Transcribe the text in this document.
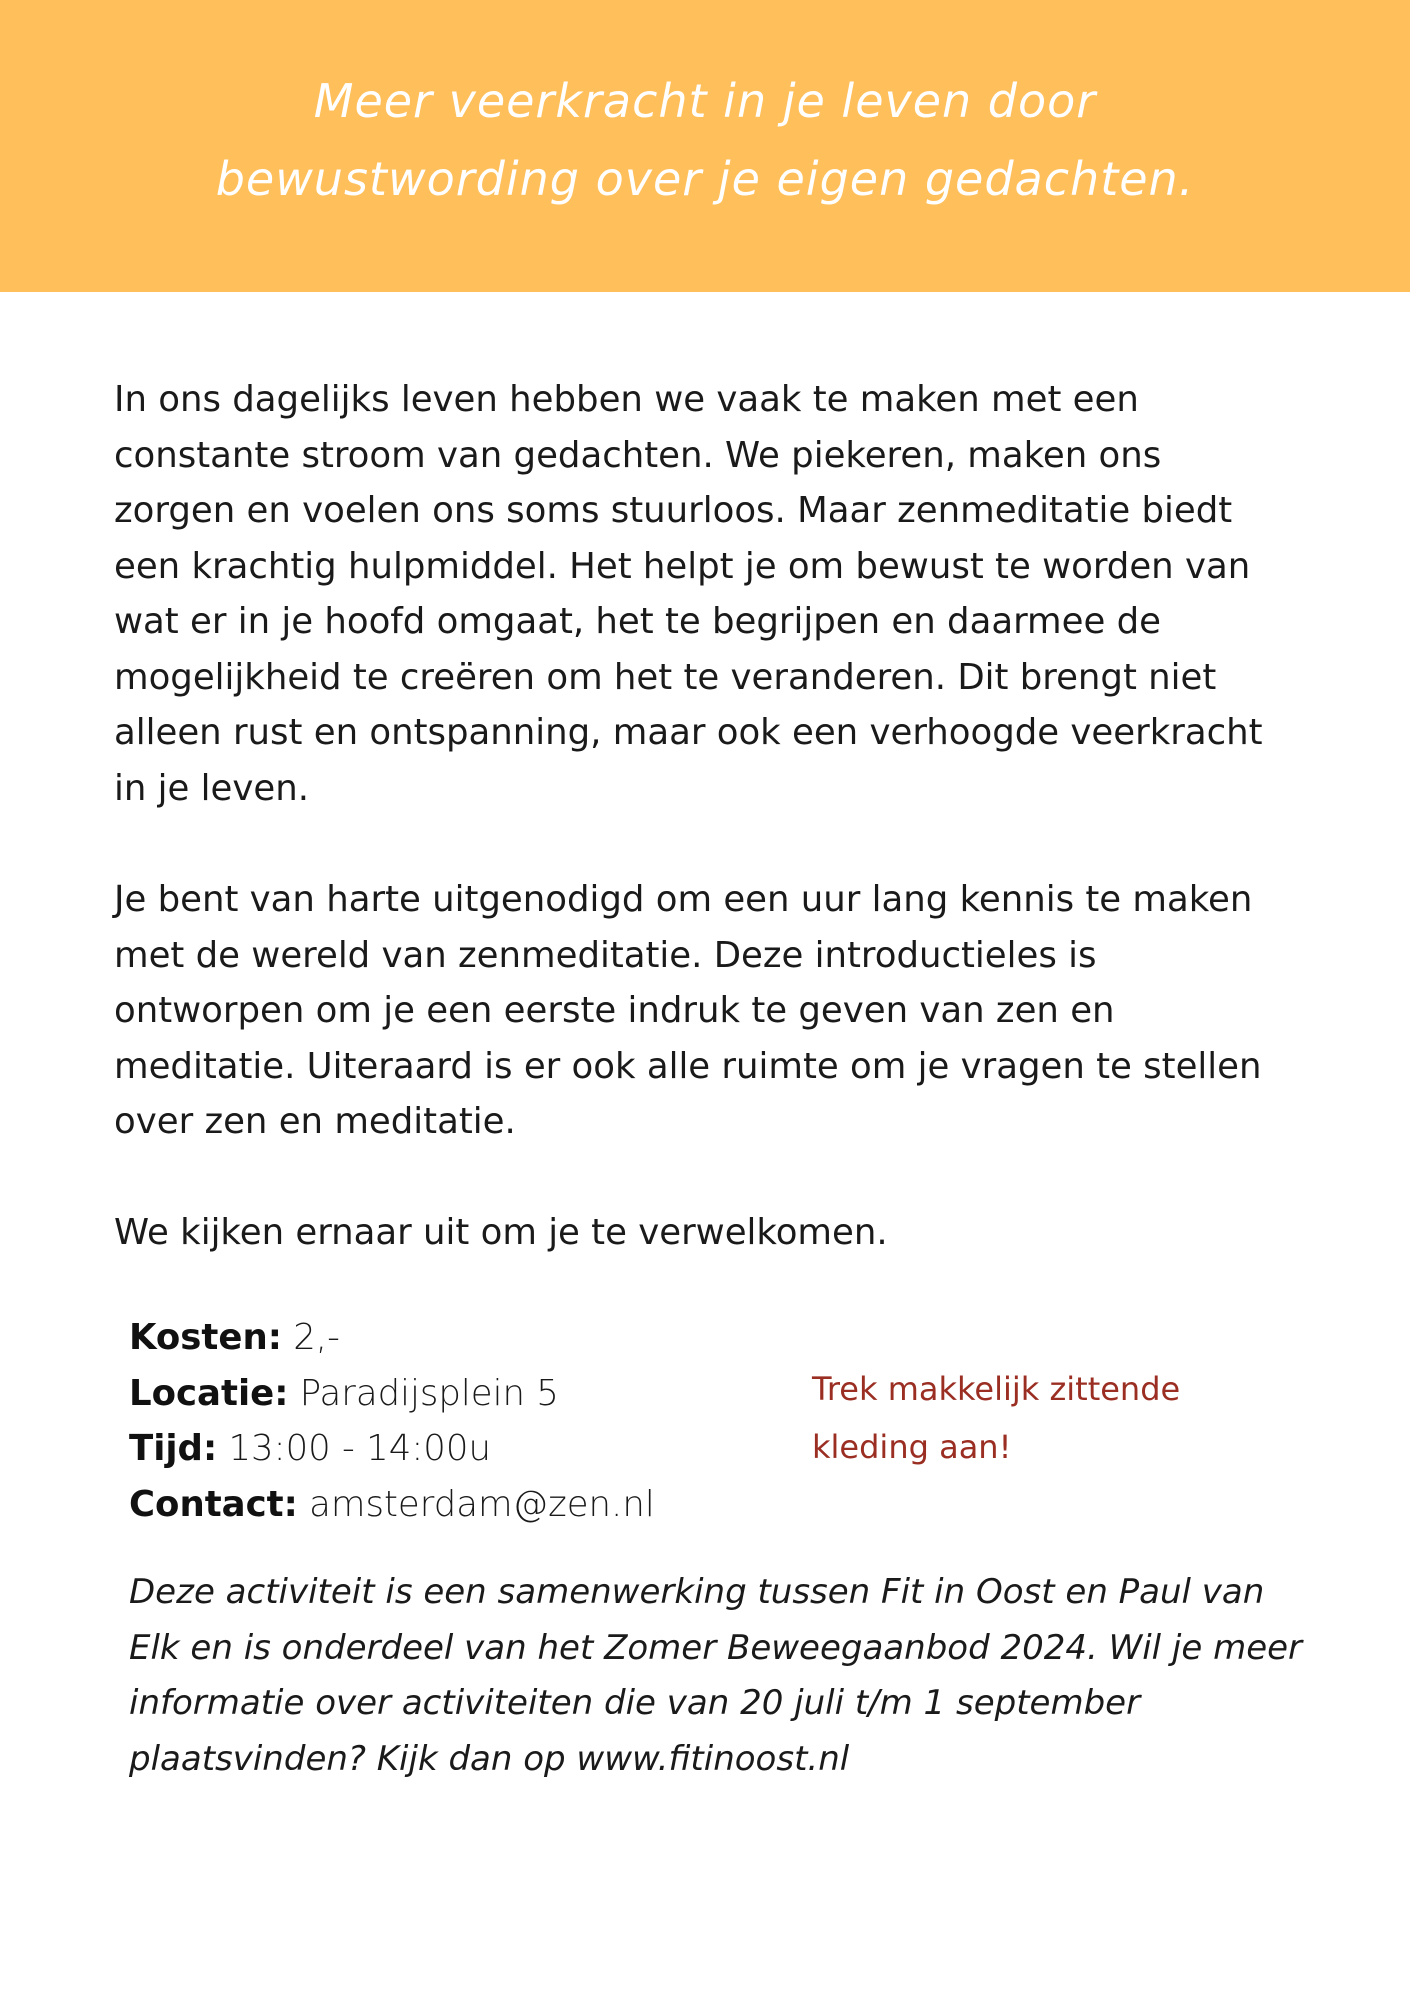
Meer veerkracht in je leven door
bewustwording over je eigen gedachten.
In ons dagelijks leven hebben we vaak te maken met een
constante stroom van gedachten. We piekeren, maken ons
zorgen en voelen ons soms stuurloos. Maar zenmeditatie biedt
een krachtig hulpmiddel. Het helpt je om bewust te worden van
wat er in je hoofd omgaat, het te begrijpen en daarmee de
mogelijkheid te creëren om het te veranderen. Dit brengt niet
alleen rust en ontspanning, maar ook een verhoogde veerkracht
in je leven.
Je bent van harte uitgenodigd om een uur lang kennis te maken
met de wereld van zenmeditatie. Deze introductieles is
ontworpen om je een eerste indruk te geven van zen en
meditatie. Uiteraard is er ook alle ruimte om je vragen te stellen
over zen en meditatie.
We kijken ernaar uit om je te verwelkomen.
Kosten: 2,-
Locatie: Paradijsplein 5
Tijd: 13:00 - 14:00u
Contact: amsterdam@zen.nl
Trek makkelijk zittende
kleding aan!
Deze activiteit is een samenwerking tussen Fit in Oost en Paul van
Elk en is onderdeel van het Zomer Beweegaanbod 2024. Wil je meer
informatie over activiteiten die van 20 juli t/m 1 september
plaatsvinden? Kijk dan op www.fitinoost.nl
